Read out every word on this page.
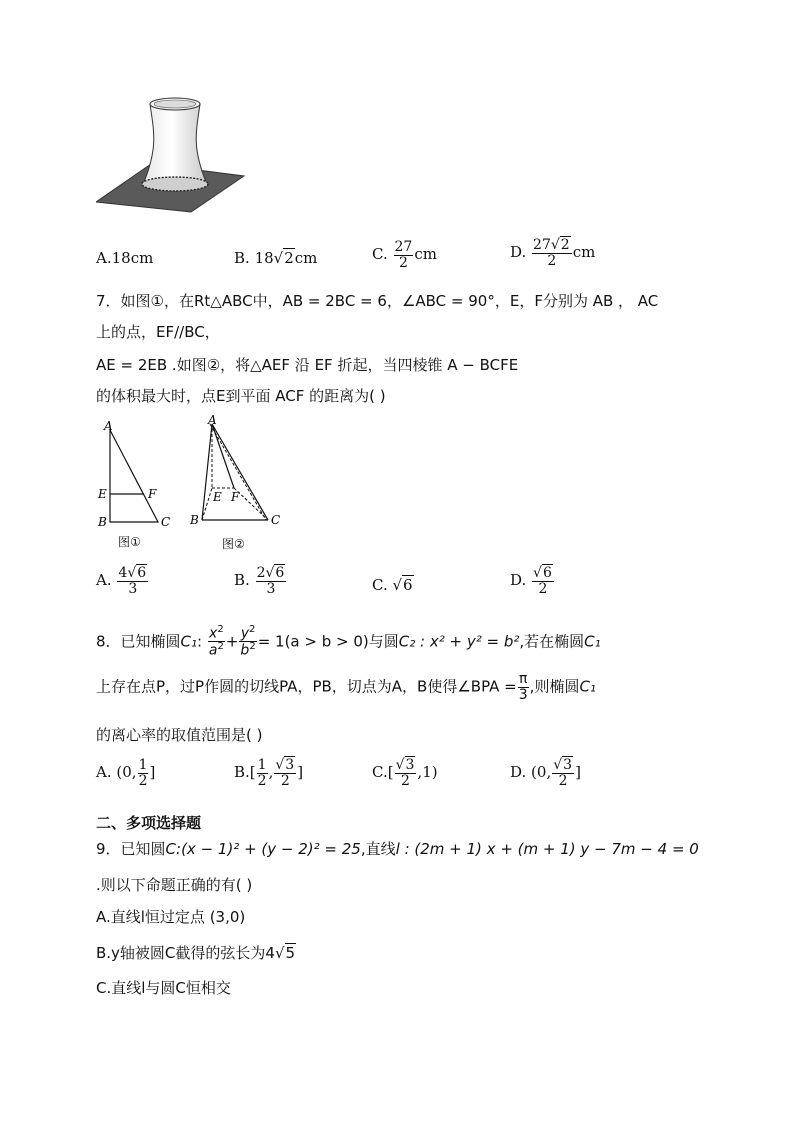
A.18cm	B. 18√2cm	C. $\frac{27}{2}$ cm	D. $\frac{27√2}{2}$ cm
7．如图①，在Rt△ABC中，AB = 2BC = 6，∠ABC = 90°，E，F分别为 AB ， AC
上的点，EF//BC，
AE = 2EB .如图②，将△AEF 沿 EF 折起，当四棱锥 A − BCFE
的体积最大时，点E到平面 ACF 的距离为( )
A
B	C
E	F
图①
A
B	C
E F
图②
A. $\frac{4√6}{3}$	B. $\frac{2√6}{3}$	C. √6	D. $\frac{√6}{2}$
8．已知椭圆C₁: $\frac{x^2}{a^2} + \frac{y^2}{b^2} = 1(a > b > 0)$与圆C₂ : x² + y² = b²,若在椭圆C₁
上存在点P，过P作圆的切线PA，PB，切点为A，B使得∠BPA = $\frac{\pi}{3}$ ,则椭圆C₁
的离心率的取值范围是( )
A. (0, $\frac{1}{2}$ ]	$B.[ \frac{1}{2}$ , $\frac{√3}{2}$ ]	$C.[ \frac{√3}{2} ,1)$	D. (0, $\frac{√3}{2}$ ]
二、多项选择题
9．已知圆C:(x − 1)² + (y − 2)² = 25,直线l : (2m + 1) x + (m + 1) y − 7m − 4 = 0
.则以下命题正确的有( )
A.直线l恒过定点 (3,0)
B.y轴被圆C截得的弦长为4√5
C.直线l与圆C恒相交
